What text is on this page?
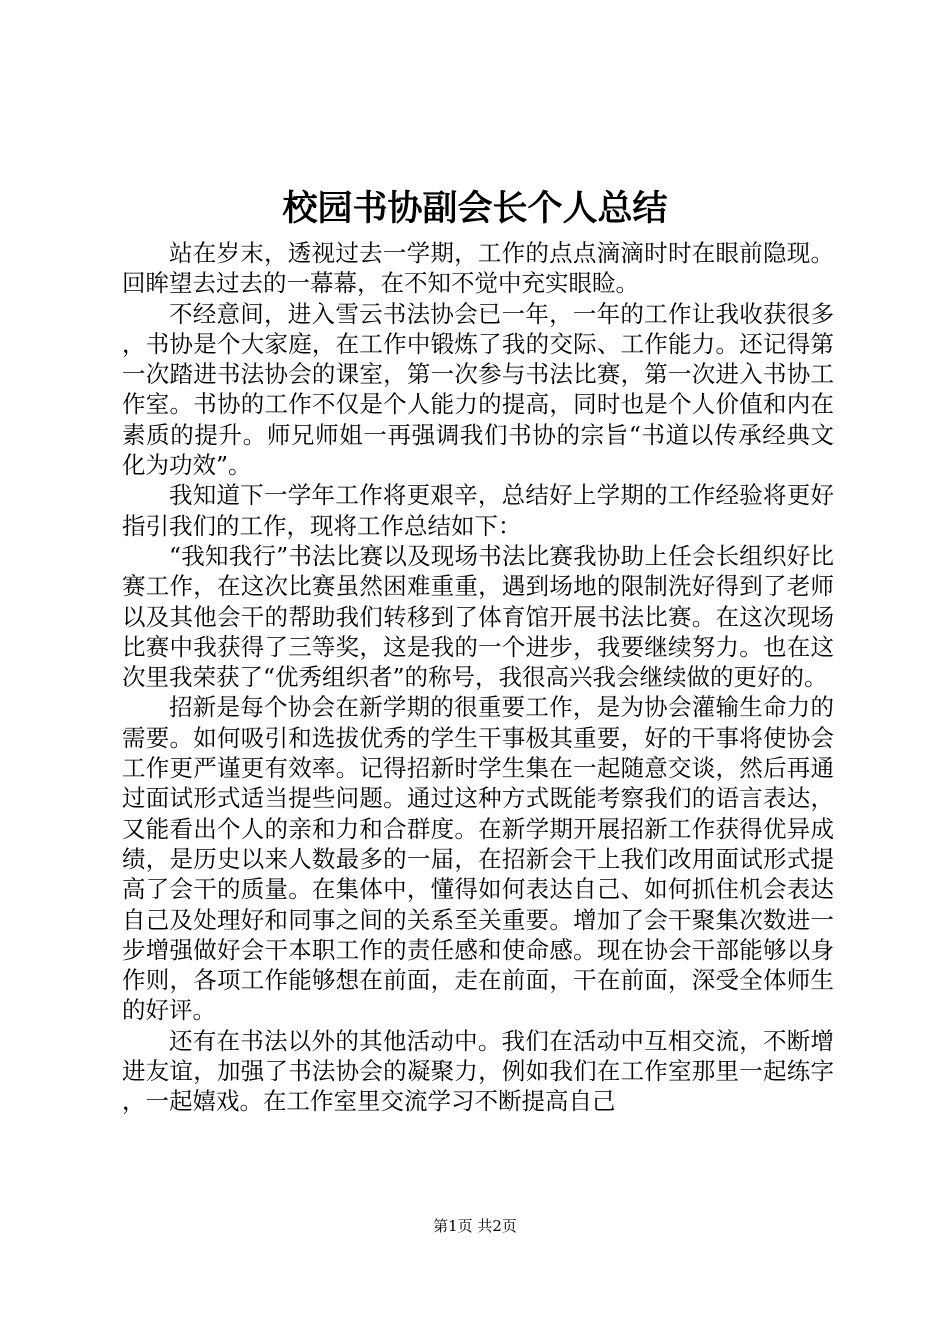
校园书协副会长个人总结

站在岁末，透视过去一学期，工作的点点滴滴时时在眼前隐现。回眸望去过去的一幕幕，在不知不觉中充实眼睑。

不经意间，进入雪云书法协会已一年，一年的工作让我收获很多，书协是个大家庭，在工作中锻炼了我的交际、工作能力。还记得第一次踏进书法协会的课室，第一次参与书法比赛，第一次进入书协工作室。书协的工作不仅是个人能力的提高，同时也是个人价值和内在素质的提升。师兄师姐一再强调我们书协的宗旨“书道以传承经典文化为功效”。

我知道下一学年工作将更艰辛，总结好上学期的工作经验将更好指引我们的工作，现将工作总结如下：

“我知我行”书法比赛以及现场书法比赛我协助上任会长组织好比赛工作，在这次比赛虽然困难重重，遇到场地的限制洗好得到了老师以及其他会干的帮助我们转移到了体育馆开展书法比赛。在这次现场比赛中我获得了三等奖，这是我的一个进步，我要继续努力。也在这次里我荣获了“优秀组织者”的称号，我很高兴我会继续做的更好的。

招新是每个协会在新学期的很重要工作，是为协会灌输生命力的需要。如何吸引和选拔优秀的学生干事极其重要，好的干事将使协会工作更严谨更有效率。记得招新时学生集在一起随意交谈，然后再通过面试形式适当提些问题。通过这种方式既能考察我们的语言表达，又能看出个人的亲和力和合群度。在新学期开展招新工作获得优异成绩，是历史以来人数最多的一届，在招新会干上我们改用面试形式提高了会干的质量。在集体中，懂得如何表达自己、如何抓住机会表达自己及处理好和同事之间的关系至关重要。增加了会干聚集次数进一步增强做好会干本职工作的责任感和使命感。现在协会干部能够以身作则，各项工作能够想在前面，走在前面，干在前面，深受全体师生的好评。

还有在书法以外的其他活动中。我们在活动中互相交流，不断增进友谊，加强了书法协会的凝聚力，例如我们在工作室那里一起练字，一起嬉戏。在工作室里交流学习不断提高自己

第1页 共2页
